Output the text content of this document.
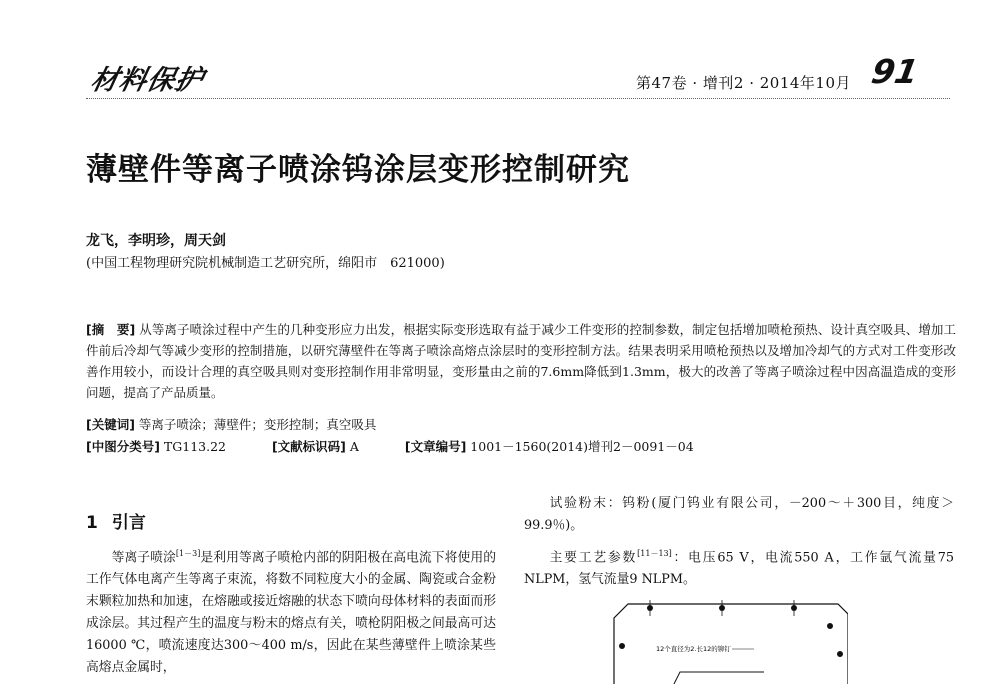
材料保护	第47卷 · 增刊2 · 2014年10月 91
薄壁件等离子喷涂钨涂层变形控制研究
龙飞，李明珍，周天剑
(中国工程物理研究院机械制造工艺研究所，绵阳市　621000)
[摘　要] 从等离子喷涂过程中产生的几种变形应力出发，根据实际变形选取有益于减少工件变形的控制参数，制定包括增加喷枪预热、设计真空吸具、增加工件前后冷却气等减少变形的控制措施，以研究薄壁件在等离子喷涂高熔点涂层时的变形控制方法。结果表明采用喷枪预热以及增加冷却气的方式对工件变形改善作用较小，而设计合理的真空吸具则对变形控制作用非常明显，变形量由之前的7.6mm降低到1.3mm，极大的改善了等离子喷涂过程中因高温造成的变形问题，提高了产品质量。
[关键词] 等离子喷涂；薄壁件；变形控制；真空吸具
[中图分类号] TG113.22	[文献标识码] A	[文章编号] 1001－1560(2014)增刊2－0091－04
1 引言
等离子喷涂[1－3]是利用等离子喷枪内部的阴阳极在高电流下将使用的工作气体电离产生等离子束流，将数不同粒度大小的金属、陶瓷或合金粉末颗粒加热和加速，在熔融或接近熔融的状态下喷向母体材料的表面而形成涂层。其过程产生的温度与粉末的熔点有关，喷枪阴阳极之间最高可达16000 ℃，喷流速度达300～400 m/s，因此在某些薄壁件上喷涂某些高熔点金属时，
试验粉末：钨粉(厦门钨业有限公司，－200～＋300目，纯度＞99.9％)。
主要工艺参数[11－13]：电压65 V，电流550 A，工作氩气流量75 NLPM，氢气流量9 NLPM。
12个直径为2.长12的铆钉
